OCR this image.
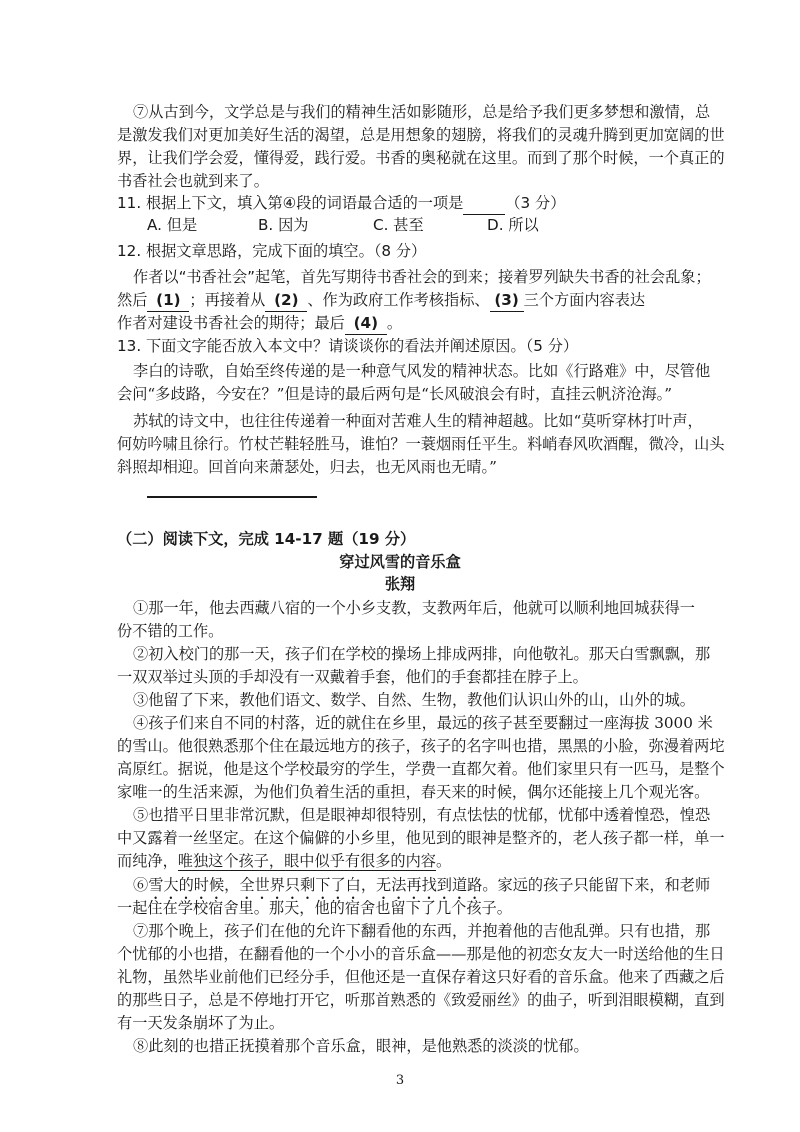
⑦从古到今，文学总是与我们的精神生活如影随形，总是给予我们更多梦想和激情，总
是激发我们对更加美好生活的渴望，总是用想象的翅膀，将我们的灵魂升腾到更加宽阔的世
界，让我们学会爱，懂得爱，践行爱。书香的奥秘就在这里。而到了那个时候，一个真正的
书香社会也就到来了。
11. 根据上下文，填入第④段的词语最合适的一项是	（3 分）
A. 但是	B. 因为	C. 甚至	D. 所以
12. 根据文章思路，完成下面的填空。（8 分）
作者以“书香社会”起笔，首先写期待书香社会的到来；接着罗列缺失书香的社会乱象；
然后 (1) ；再接着从 (2) 、作为政府工作考核指标、 (3) 三个方面内容表达
作者对建设书香社会的期待；最后 (4) 。
13. 下面文字能否放入本文中？请谈谈你的看法并阐述原因。（5 分）
李白的诗歌，自始至终传递的是一种意气风发的精神状态。比如《行路难》中，尽管他
会问“多歧路，今安在？”但是诗的最后两句是“长风破浪会有时，直挂云帆济沧海。”
苏轼的诗文中，也往往传递着一种面对苦难人生的精神超越。比如“莫听穿林打叶声，
何妨吟啸且徐行。竹杖芒鞋轻胜马，谁怕？一蓑烟雨任平生。料峭春风吹酒醒，微冷，山头
斜照却相迎。回首向来萧瑟处，归去，也无风雨也无晴。”
（二）阅读下文，完成 14-17 题（19 分）
穿过风雪的音乐盒
张翔
①那一年，他去西藏八宿的一个小乡支教，支教两年后，他就可以顺利地回城获得一
份不错的工作。
②初入校门的那一天，孩子们在学校的操场上排成两排，向他敬礼。那天白雪飘飘，那
一双双举过头顶的手却没有一双戴着手套，他们的手套都挂在脖子上。
③他留了下来，教他们语文、数学、自然、生物，教他们认识山外的山，山外的城。
④孩子们来自不同的村落，近的就住在乡里，最远的孩子甚至要翻过一座海拔 3000 米
的雪山。他很熟悉那个住在最远地方的孩子，孩子的名字叫也措，黑黑的小脸，弥漫着两坨
高原红。据说，他是这个学校最穷的学生，学费一直都欠着。他们家里只有一匹马，是整个
家唯一的生活来源，为他们负着生活的重担，春天来的时候，偶尔还能接上几个观光客。
⑤也措平日里非常沉默，但是眼神却很特别，有点怯怯的忧郁，忧郁中透着惶恐，惶恐
中又露着一丝坚定。在这个偏僻的小乡里，他见到的眼神是整齐的，老人孩子都一样，单一
而纯净，唯独这个孩子，眼中似乎有很多的内容。
⑥雪大的时候，全世界只剩下了白，无法再找到道路。家远的孩子只能留下来，和老师
一起住在学校宿舍里。那天，他的宿舍也留下了几个孩子。
⑦那个晚上，孩子们在他的允许下翻看他的东西，并抱着他的吉他乱弹。只有也措，那
个忧郁的小也措，在翻看他的一个小小的音乐盒——那是他的初恋女友大一时送给他的生日
礼物，虽然毕业前他们已经分手，但他还是一直保存着这只好看的音乐盒。他来了西藏之后
的那些日子，总是不停地打开它，听那首熟悉的《致爱丽丝》的曲子，听到泪眼模糊，直到
有一天发条崩坏了为止。
⑧此刻的也措正抚摸着那个音乐盒，眼神，是他熟悉的淡淡的忧郁。
3
